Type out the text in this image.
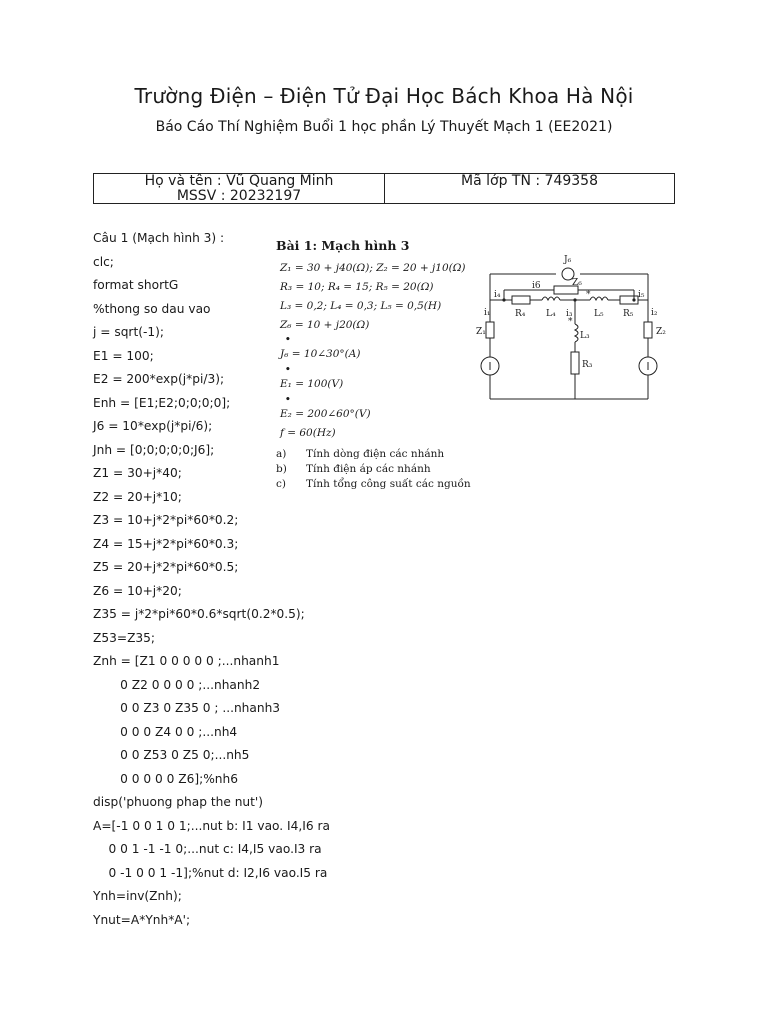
Trường Điện – Điện Tử Đại Học Bách Khoa Hà Nội
Báo Cáo Thí Nghiệm Buổi 1 học phần Lý Thuyết Mạch 1 (EE2021)
Họ và tên : Vũ Quang Minh
MSSV : 20232197
Mã lớp TN : 749358
Câu 1 (Mạch hình 3) :
clc;
format shortG
%thong so dau vao
j = sqrt(-1);
E1 = 100;
E2 = 200*exp(j*pi/3);
Enh = [E1;E2;0;0;0;0];
J6 = 10*exp(j*pi/6);
Jnh = [0;0;0;0;0;J6];
Z1 = 30+j*40;
Z2 = 20+j*10;
Z3 = 10+j*2*pi*60*0.2;
Z4 = 15+j*2*pi*60*0.3;
Z5 = 20+j*2*pi*60*0.5;
Z6 = 10+j*20;
Z35 = j*2*pi*60*0.6*sqrt(0.2*0.5);
Z53=Z35;
Znh = [Z1 0 0 0 0 0 ;...nhanh1
0 Z2 0 0 0 0 ;...nhanh2
0 0 Z3 0 Z35 0 ; ...nhanh3
0 0 0 Z4 0 0 ;...nh4
0 0 Z53 0 Z5 0;...nh5
0 0 0 0 0 Z6];%nh6
disp('phuong phap the nut')
A=[-1 0 0 1 0 1;...nut b: I1 vao. I4,I6 ra
0 0 1 -1 -1 0;...nut c: I4,I5 vao.I3 ra
0 -1 0 0 1 -1];%nut d: I2,I6 vao.I5 ra
Ynh=inv(Znh);
Ynut=A*Ynh*A';
Bài 1: Mạch hình 3
Z₁ = 30 + j40(Ω); Z₂ = 20 + j10(Ω)
R₃ = 10; R₄ = 15; R₅ = 20(Ω)
L₃ = 0,2; L₄ = 0,3; L₅ = 0,5(H)
Z₆ = 10 + j20(Ω)
•
J₆ = 10∠30°(A)
•
E₁ = 100(V)
•
E₂ = 200∠60°(V)
f = 60(Hz)
a) Tính dòng điện các nhánh
b) Tính điện áp các nhánh
c) Tính tổng công suất các nguồn
J₆
Z₆
i6
i₄	i₅
i₃
i₁	i₂
R₄ L₄	L₅ R₅
L₃
R₃
Z₁	Z₂
*
*
